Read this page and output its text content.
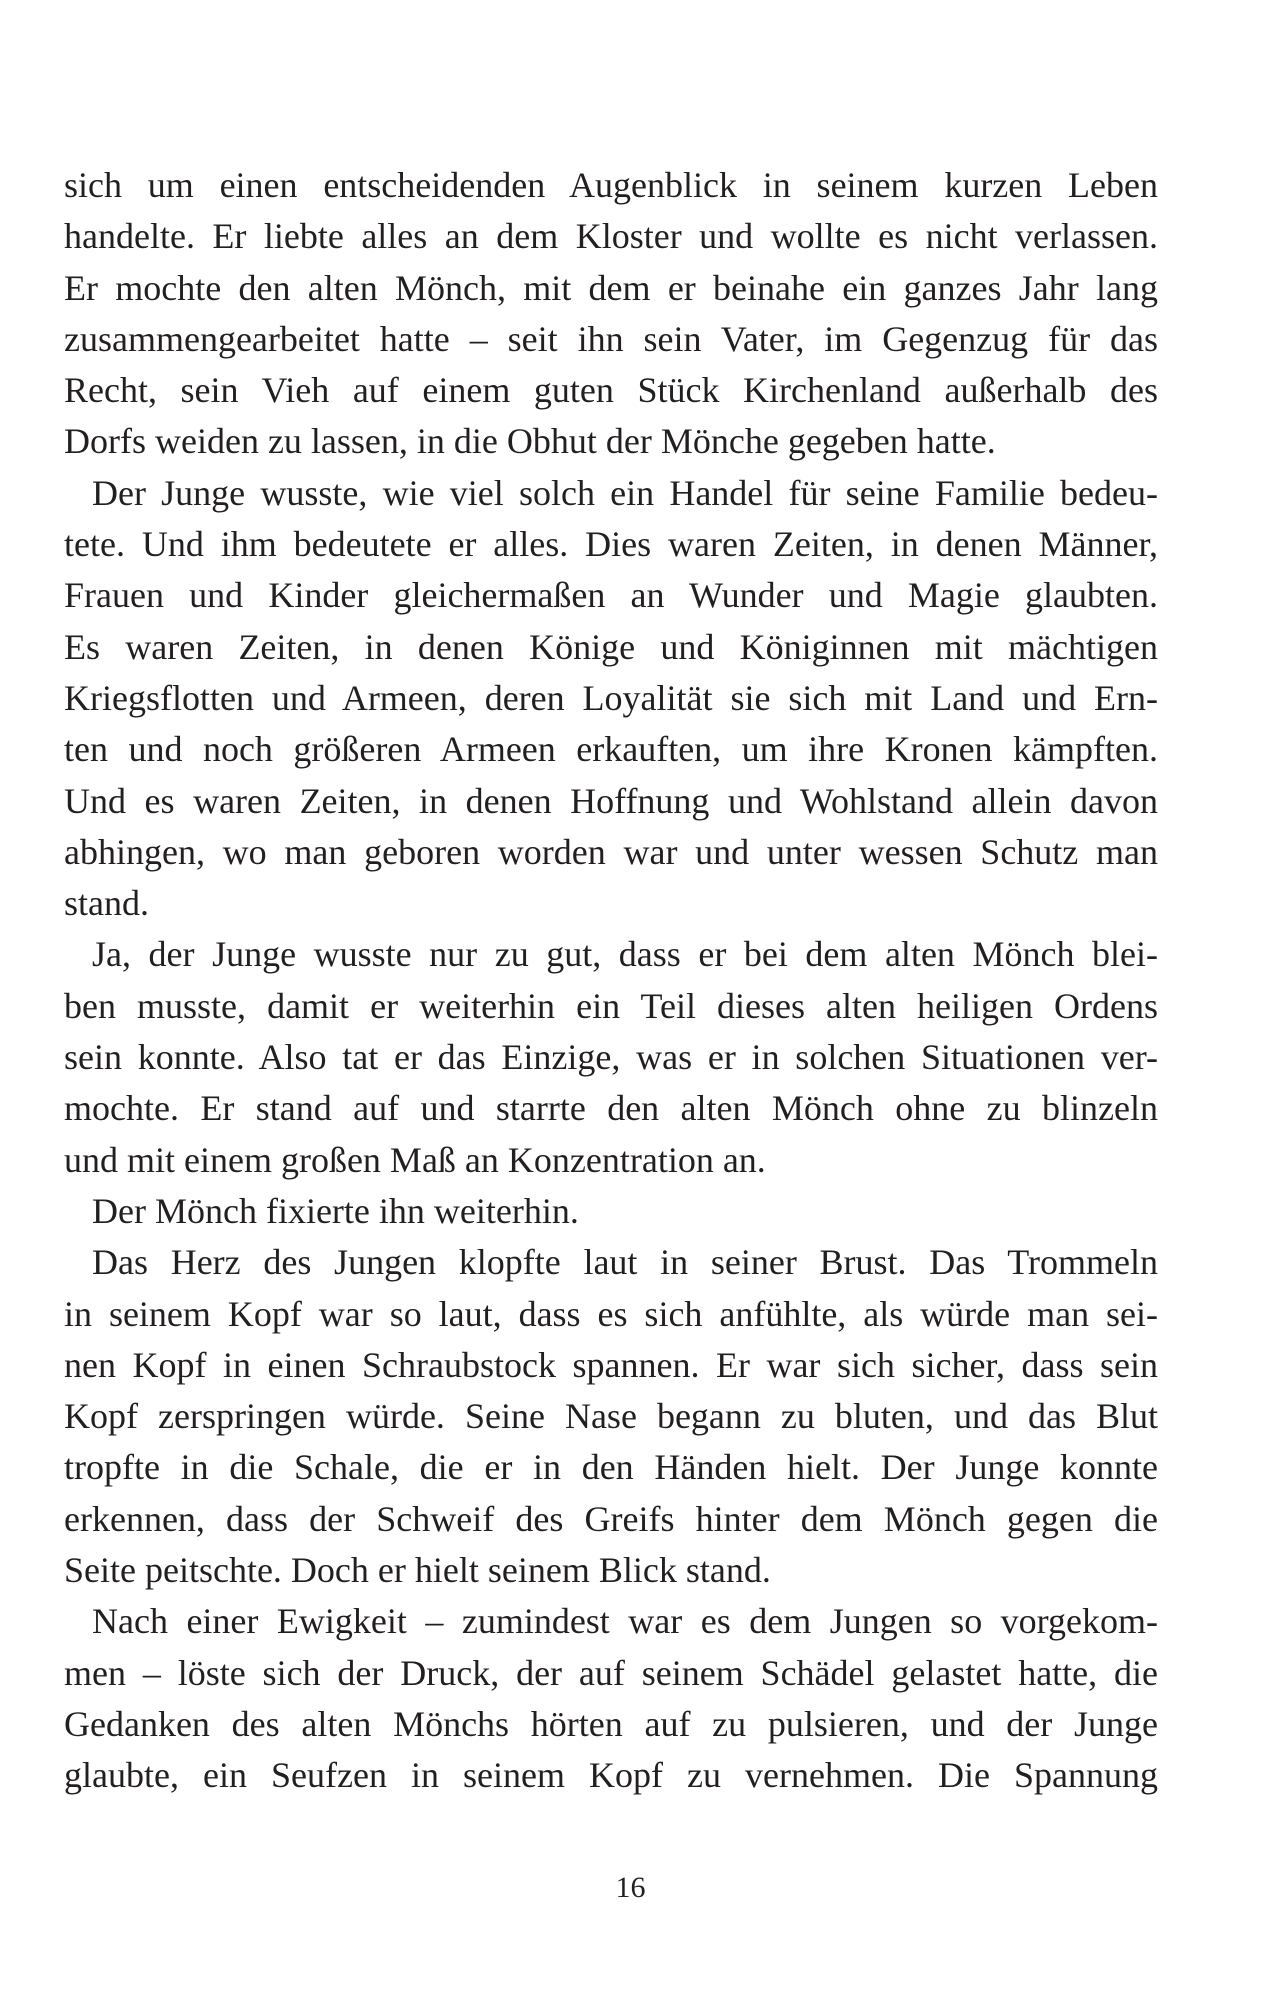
sich um einen entscheidenden Augenblick in seinem kurzen Leben
handelte. Er liebte alles an dem Kloster und wollte es nicht verlassen.
Er mochte den alten Mönch, mit dem er beinahe ein ganzes Jahr lang
zusammengearbeitet hatte – seit ihn sein Vater, im Gegenzug für das
Recht, sein Vieh auf einem guten Stück Kirchenland außerhalb des
Dorfs weiden zu lassen, in die Obhut der Mönche gegeben hatte.
Der Junge wusste, wie viel solch ein Handel für seine Familie bedeu-
tete. Und ihm bedeutete er alles. Dies waren Zeiten, in denen Männer,
Frauen und Kinder gleichermaßen an Wunder und Magie glaubten.
Es waren Zeiten, in denen Könige und Königinnen mit mächtigen
Kriegsflotten und Armeen, deren Loyalität sie sich mit Land und Ern-
ten und noch größeren Armeen erkauften, um ihre Kronen kämpften.
Und es waren Zeiten, in denen Hoffnung und Wohlstand allein davon
abhingen, wo man geboren worden war und unter wessen Schutz man
stand.
Ja, der Junge wusste nur zu gut, dass er bei dem alten Mönch blei-
ben musste, damit er weiterhin ein Teil dieses alten heiligen Ordens
sein konnte. Also tat er das Einzige, was er in solchen Situationen ver-
mochte. Er stand auf und starrte den alten Mönch ohne zu blinzeln
und mit einem großen Maß an Konzentration an.
Der Mönch fixierte ihn weiterhin.
Das Herz des Jungen klopfte laut in seiner Brust. Das Trommeln
in seinem Kopf war so laut, dass es sich anfühlte, als würde man sei-
nen Kopf in einen Schraubstock spannen. Er war sich sicher, dass sein
Kopf zerspringen würde. Seine Nase begann zu bluten, und das Blut
tropfte in die Schale, die er in den Händen hielt. Der Junge konnte
erkennen, dass der Schweif des Greifs hinter dem Mönch gegen die
Seite peitschte. Doch er hielt seinem Blick stand.
Nach einer Ewigkeit – zumindest war es dem Jungen so vorgekom-
men – löste sich der Druck, der auf seinem Schädel gelastet hatte, die
Gedanken des alten Mönchs hörten auf zu pulsieren, und der Junge
glaubte, ein Seufzen in seinem Kopf zu vernehmen. Die Spannung
16
